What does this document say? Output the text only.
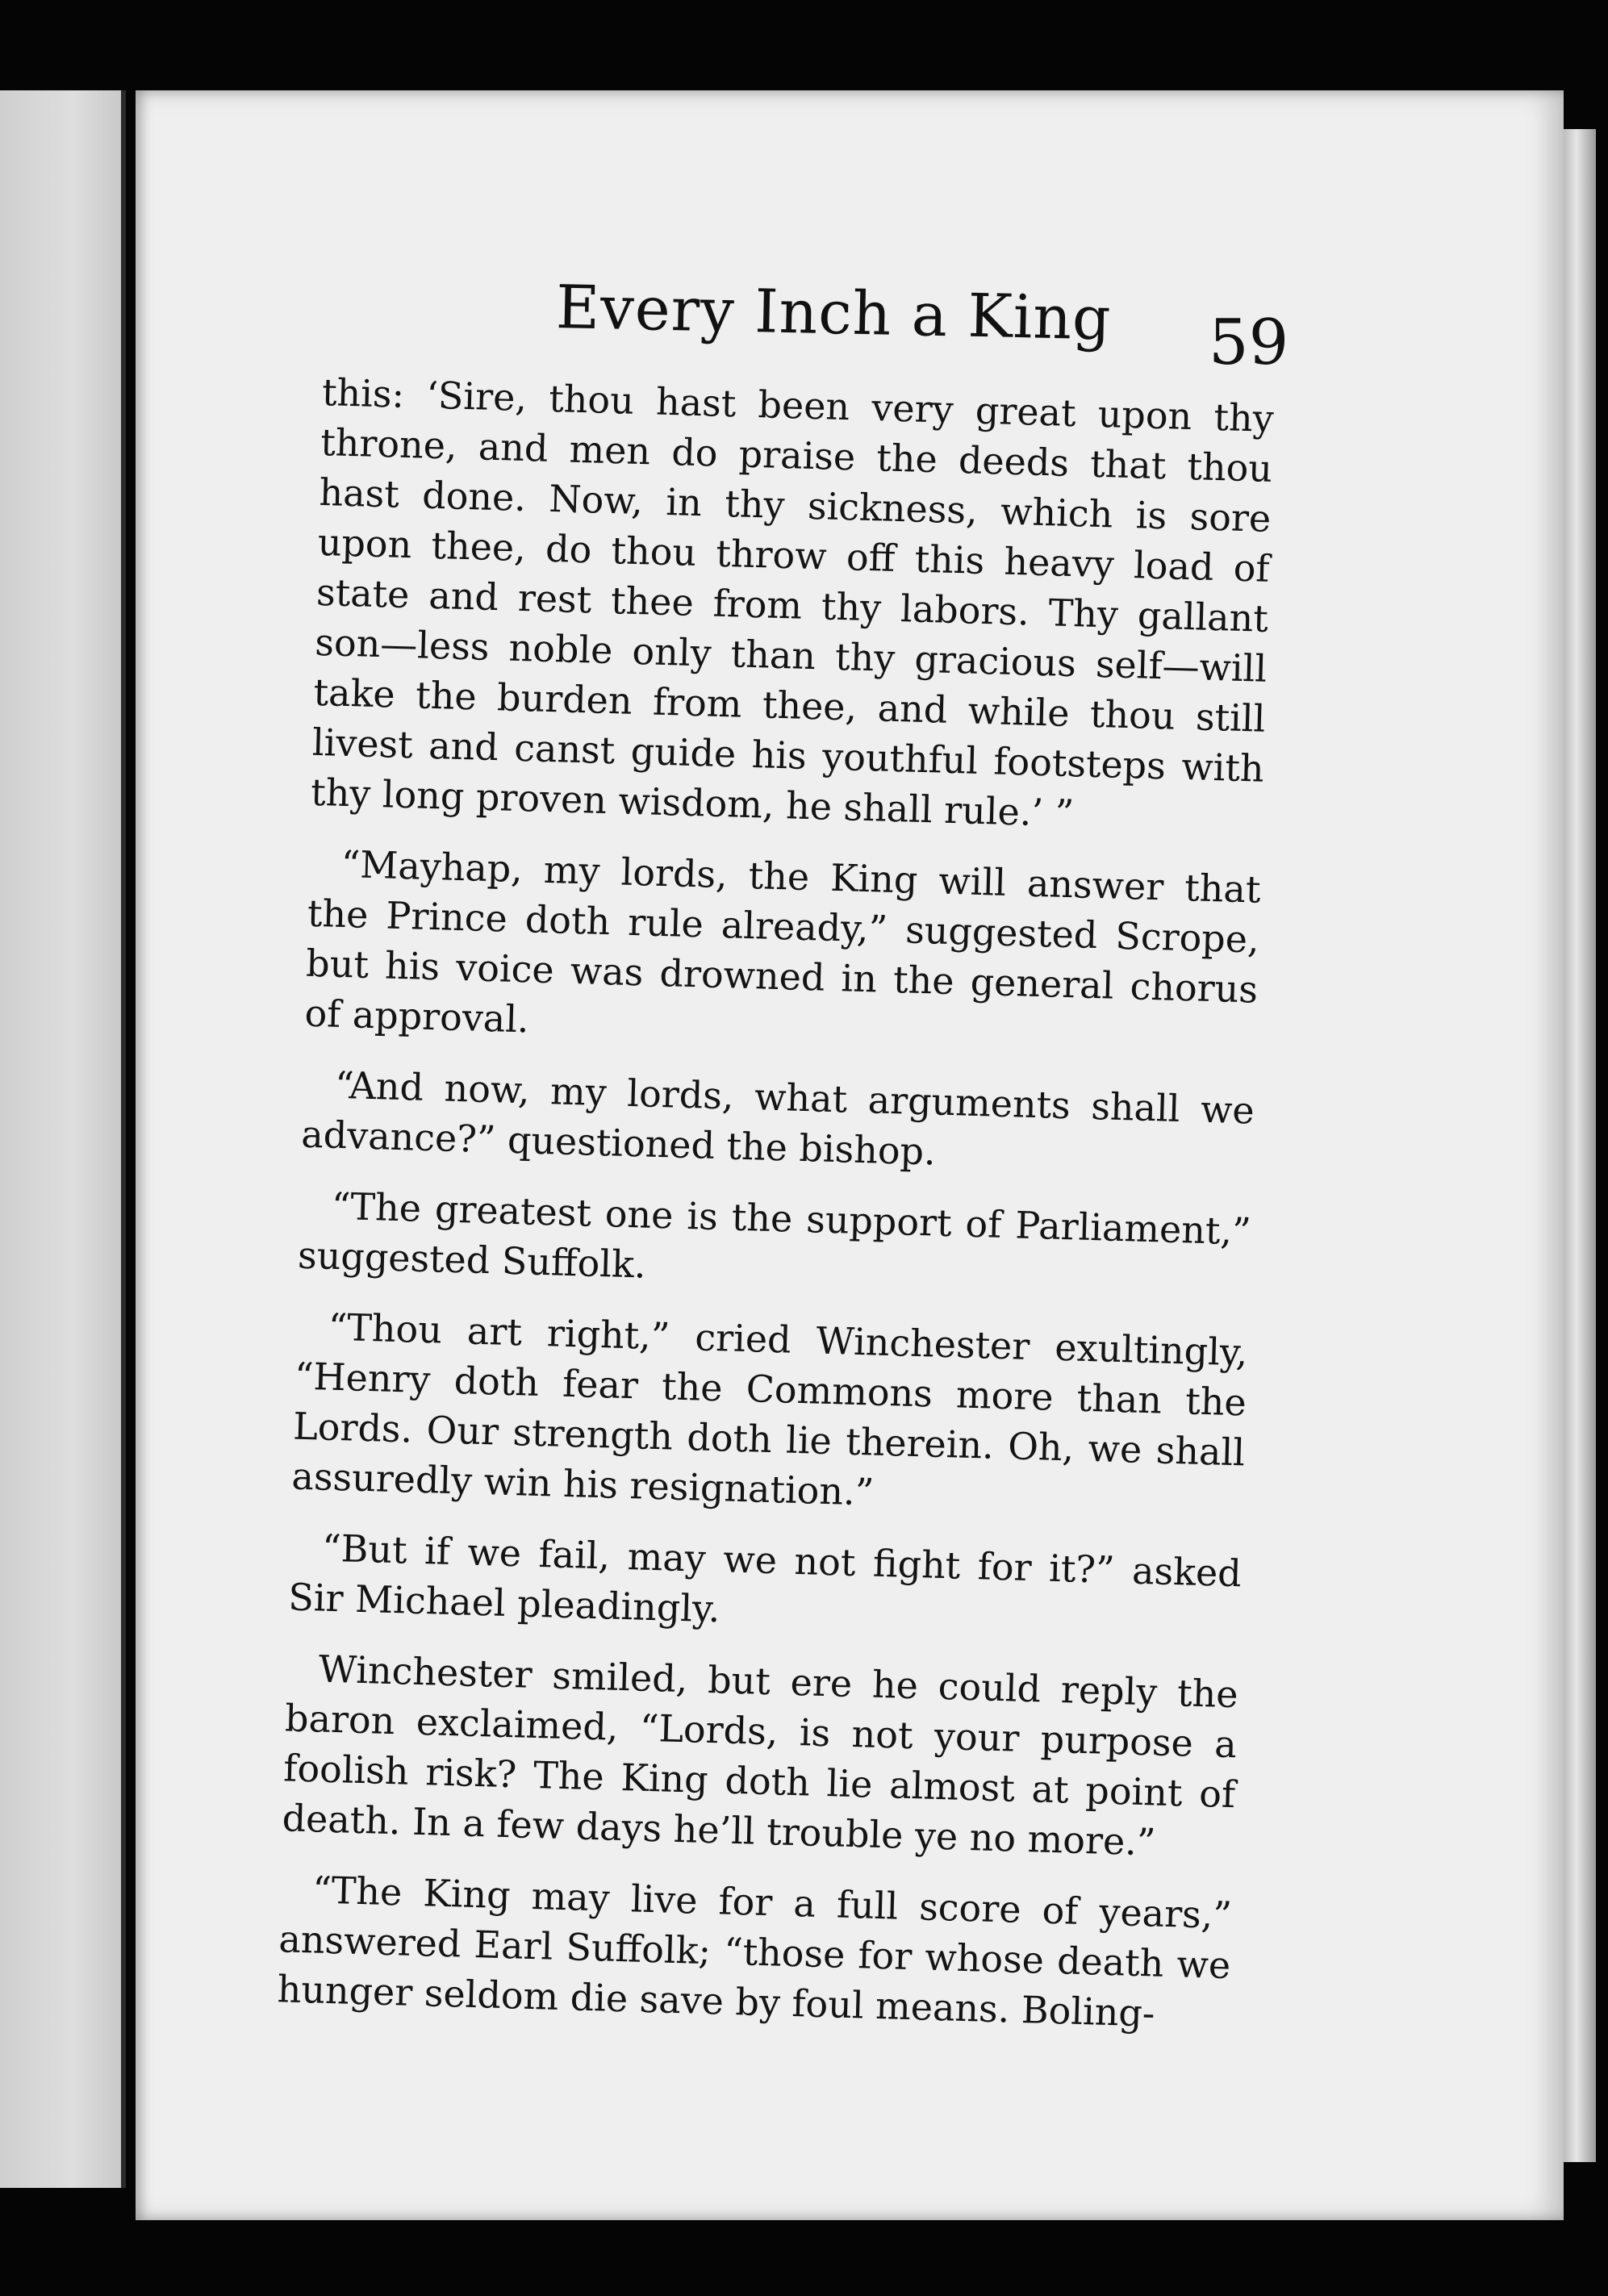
Every Inch a King 59

this: ‘Sire, thou hast been very great upon thy throne, and men do praise the deeds that thou hast done. Now, in thy sickness, which is sore upon thee, do thou throw off this heavy load of state and rest thee from thy labors. Thy gallant son—less noble only than thy gracious self—will take the burden from thee, and while thou still livest and canst guide his youthful footsteps with thy long proven wisdom, he shall rule.’ ”

“Mayhap, my lords, the King will answer that the Prince doth rule already,” suggested Scrope, but his voice was drowned in the general chorus of approval.

“And now, my lords, what arguments shall we advance?” questioned the bishop.

“The greatest one is the support of Parliament,” suggested Suffolk.

“Thou art right,” cried Winchester exultingly, “Henry doth fear the Commons more than the Lords. Our strength doth lie therein. Oh, we shall assuredly win his resignation.”

“But if we fail, may we not fight for it?” asked Sir Michael pleadingly.

Winchester smiled, but ere he could reply the baron exclaimed, “Lords, is not your purpose a foolish risk? The King doth lie almost at point of death. In a few days he’ll trouble ye no more.”

“The King may live for a full score of years,” answered Earl Suffolk; “those for whose death we hunger seldom die save by foul means. Boling-
